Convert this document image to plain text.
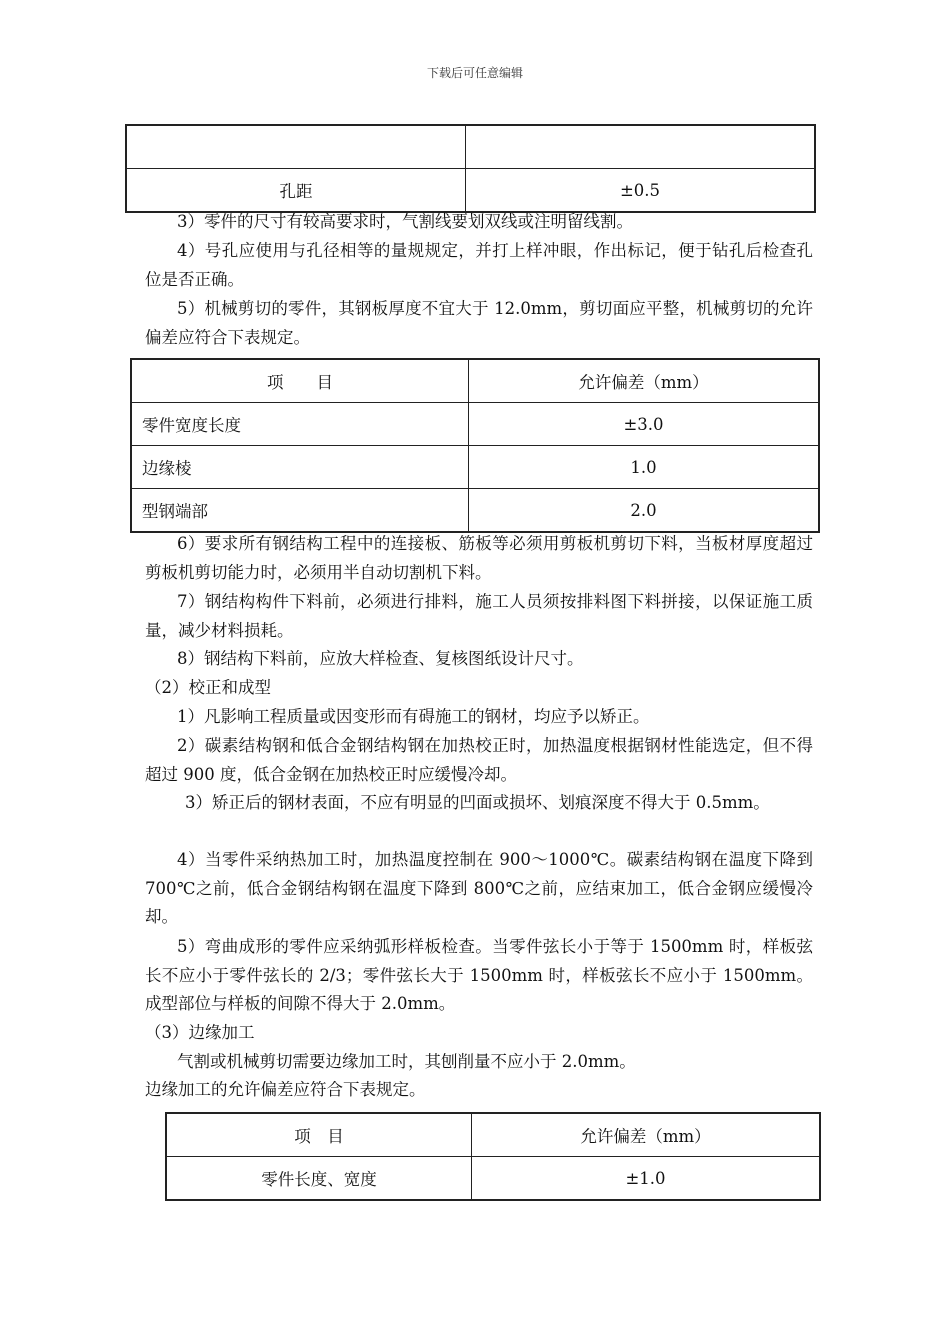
下载后可任意编辑

孔距	±0.5

3）零件的尺寸有较高要求时，气割线要划双线或注明留线割。

4）号孔应使用与孔径相等的量规规定，并打上样冲眼，作出标记，便于钻孔后检查孔位是否正确。

5）机械剪切的零件，其钢板厚度不宜大于 12.0mm，剪切面应平整，机械剪切的允许偏差应符合下表规定。

项　　目	允许偏差（mm）
零件宽度长度	±3.0
边缘棱	1.0
型钢端部	2.0

6）要求所有钢结构工程中的连接板、筋板等必须用剪板机剪切下料，当板材厚度超过剪板机剪切能力时，必须用半自动切割机下料。

7）钢结构构件下料前，必须进行排料，施工人员须按排料图下料拼接，以保证施工质量，减少材料损耗。

8）钢结构下料前，应放大样检查、复核图纸设计尺寸。

（2）校正和成型

1）凡影响工程质量或因变形而有碍施工的钢材，均应予以矫正。

2）碳素结构钢和低合金钢结构钢在加热校正时，加热温度根据钢材性能选定，但不得超过 900 度，低合金钢在加热校正时应缓慢冷却。

3）矫正后的钢材表面，不应有明显的凹面或损坏、划痕深度不得大于 0.5mm。

4）当零件采纳热加工时，加热温度控制在 900～1000℃。碳素结构钢在温度下降到 700℃之前，低合金钢结构钢在温度下降到 800℃之前，应结束加工，低合金钢应缓慢冷却。

5）弯曲成形的零件应采纳弧形样板检查。当零件弦长小于等于 1500mm 时，样板弦长不应小于零件弦长的 2/3；零件弦长大于 1500mm 时，样板弦长不应小于 1500mm。成型部位与样板的间隙不得大于 2.0mm。

（3）边缘加工

气割或机械剪切需要边缘加工时，其刨削量不应小于 2.0mm。

边缘加工的允许偏差应符合下表规定。

项　目	允许偏差（mm）
零件长度、宽度	±1.0
